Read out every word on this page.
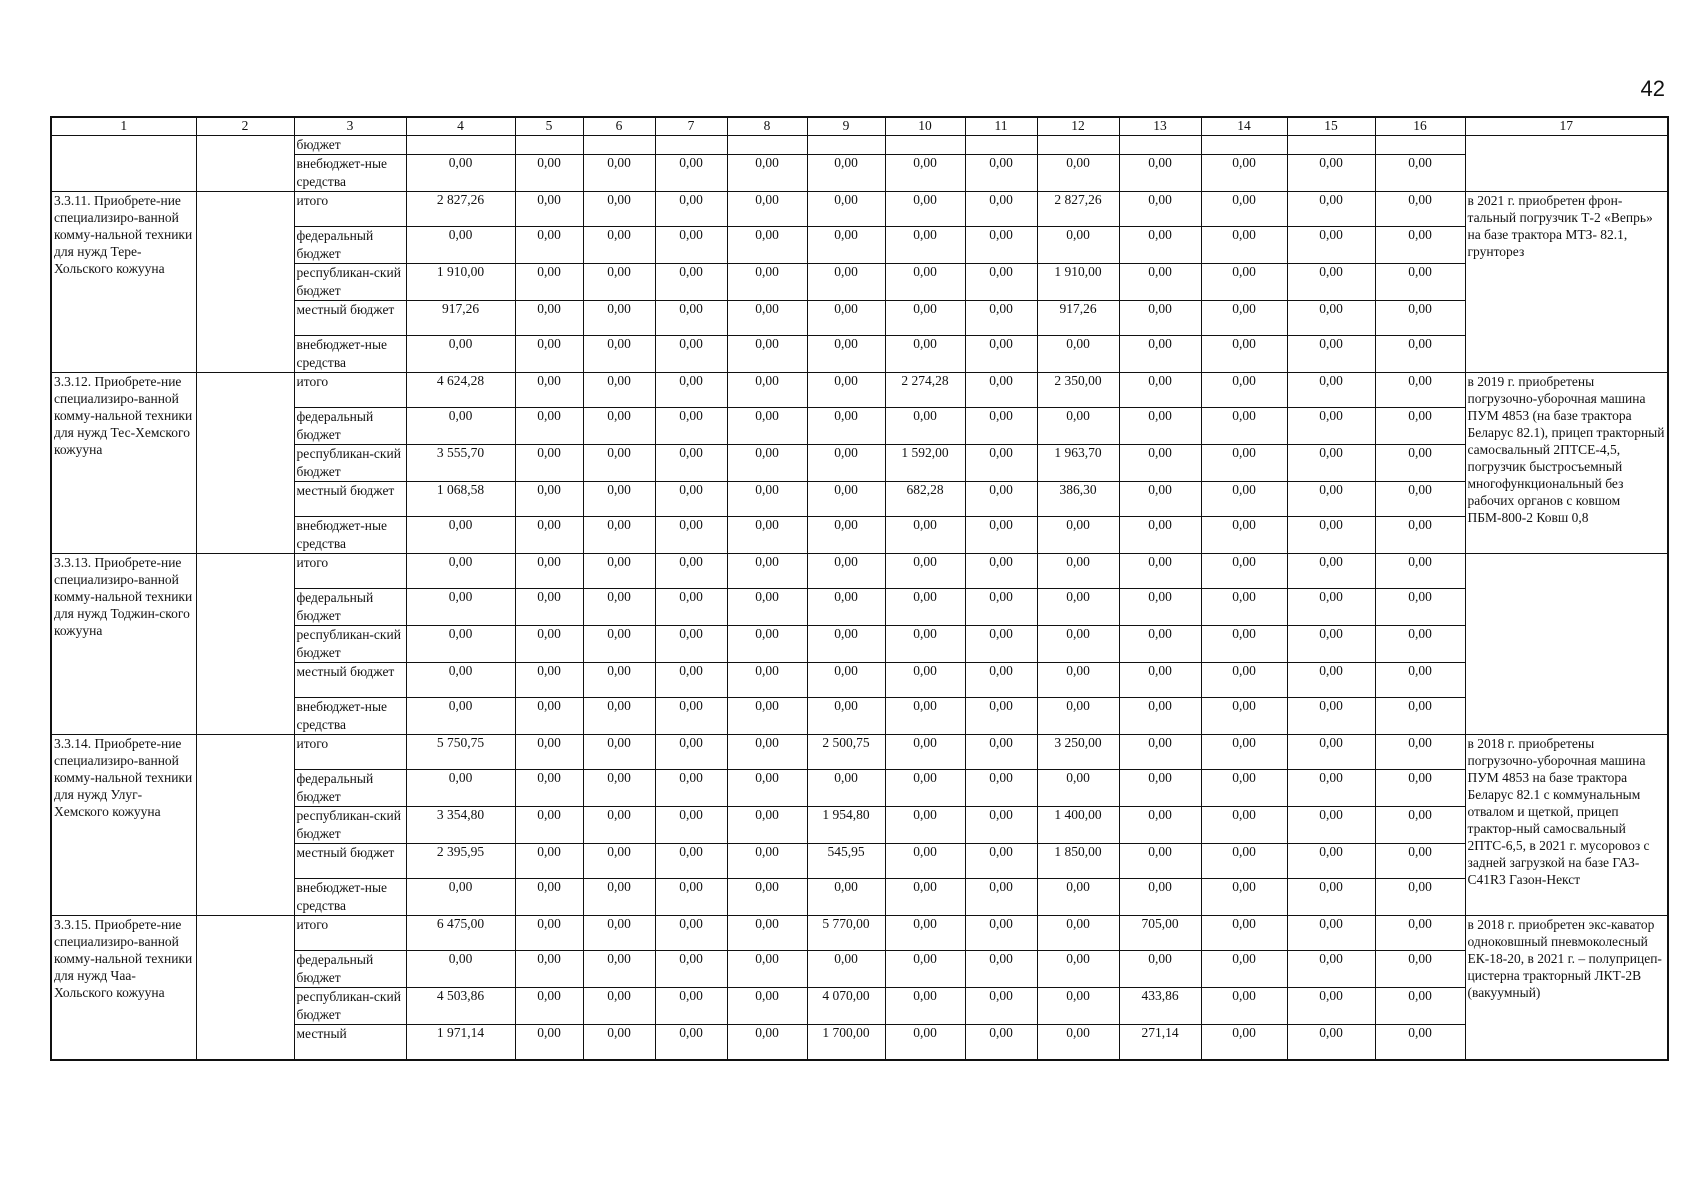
42
1	2	3	4	5	6	7	8	9	10	11	12	13	14	15	16	17
		бюджет														
		внебюджет-ные средства	0,00	0,00	0,00	0,00	0,00	0,00	0,00	0,00	0,00	0,00	0,00	0,00	0,00	
3.3.11. Приобрете-ние специализиро-ванной комму-нальной техники для нужд Тере-Хольского кожууна		итого	2 827,26	0,00	0,00	0,00	0,00	0,00	0,00	0,00	2 827,26	0,00	0,00	0,00	0,00	в 2021 г. приобретен фрон-тальный погрузчик Т-2 «Вепрь» на базе трактора МТЗ- 82.1, грунторез
		федеральный бюджет	0,00	0,00	0,00	0,00	0,00	0,00	0,00	0,00	0,00	0,00	0,00	0,00	0,00	
		республикан-ский бюджет	1 910,00	0,00	0,00	0,00	0,00	0,00	0,00	0,00	1 910,00	0,00	0,00	0,00	0,00	
		местный бюджет	917,26	0,00	0,00	0,00	0,00	0,00	0,00	0,00	917,26	0,00	0,00	0,00	0,00	
		внебюджет-ные средства	0,00	0,00	0,00	0,00	0,00	0,00	0,00	0,00	0,00	0,00	0,00	0,00	0,00	
3.3.12. Приобрете-ние специализиро-ванной комму-нальной техники для нужд Тес-Хемского кожууна		итого	4 624,28	0,00	0,00	0,00	0,00	0,00	2 274,28	0,00	2 350,00	0,00	0,00	0,00	0,00	в 2019 г. приобретены погрузочно-уборочная машина ПУМ 4853 (на базе трактора Беларус 82.1), прицеп тракторный самосвальный 2ПТСЕ-4,5, погрузчик быстросъемный многофункциональный без рабочих органов с ковшом ПБМ-800-2 Ковш 0,8
		федеральный бюджет	0,00	0,00	0,00	0,00	0,00	0,00	0,00	0,00	0,00	0,00	0,00	0,00	0,00	
		республикан-ский бюджет	3 555,70	0,00	0,00	0,00	0,00	0,00	1 592,00	0,00	1 963,70	0,00	0,00	0,00	0,00	
		местный бюджет	1 068,58	0,00	0,00	0,00	0,00	0,00	682,28	0,00	386,30	0,00	0,00	0,00	0,00	
		внебюджет-ные средства	0,00	0,00	0,00	0,00	0,00	0,00	0,00	0,00	0,00	0,00	0,00	0,00	0,00	
3.3.13. Приобрете-ние специализиро-ванной комму-нальной техники для нужд Тоджин-ского кожууна		итого	0,00	0,00	0,00	0,00	0,00	0,00	0,00	0,00	0,00	0,00	0,00	0,00	0,00	
		федеральный бюджет	0,00	0,00	0,00	0,00	0,00	0,00	0,00	0,00	0,00	0,00	0,00	0,00	0,00	
		республикан-ский бюджет	0,00	0,00	0,00	0,00	0,00	0,00	0,00	0,00	0,00	0,00	0,00	0,00	0,00	
		местный бюджет	0,00	0,00	0,00	0,00	0,00	0,00	0,00	0,00	0,00	0,00	0,00	0,00	0,00	
		внебюджет-ные средства	0,00	0,00	0,00	0,00	0,00	0,00	0,00	0,00	0,00	0,00	0,00	0,00	0,00	
3.3.14. Приобрете-ние специализиро-ванной комму-нальной техники для нужд Улуг-Хемского кожууна		итого	5 750,75	0,00	0,00	0,00	0,00	2 500,75	0,00	0,00	3 250,00	0,00	0,00	0,00	0,00	в 2018 г. приобретены погрузочно-уборочная машина ПУМ 4853 на базе трактора Беларус 82.1 с коммунальным отвалом и щеткой, прицеп трактор-ный самосвальный 2ПТС-6,5, в 2021 г. мусоровоз с задней загрузкой на базе ГАЗ-С41R3 Газон-Некст
		федеральный бюджет	0,00	0,00	0,00	0,00	0,00	0,00	0,00	0,00	0,00	0,00	0,00	0,00	0,00	
		республикан-ский бюджет	3 354,80	0,00	0,00	0,00	0,00	1 954,80	0,00	0,00	1 400,00	0,00	0,00	0,00	0,00	
		местный бюджет	2 395,95	0,00	0,00	0,00	0,00	545,95	0,00	0,00	1 850,00	0,00	0,00	0,00	0,00	
		внебюджет-ные средства	0,00	0,00	0,00	0,00	0,00	0,00	0,00	0,00	0,00	0,00	0,00	0,00	0,00	
3.3.15. Приобрете-ние специализиро-ванной комму-нальной техники для нужд Чаа-Хольского кожууна		итого	6 475,00	0,00	0,00	0,00	0,00	5 770,00	0,00	0,00	0,00	705,00	0,00	0,00	0,00	в 2018 г. приобретен экс-каватор одноковшный пневмоколесный ЕК-18-20, в 2021 г. – полуприцеп-цистерна тракторный ЛКТ-2В (вакуумный)
		федеральный бюджет	0,00	0,00	0,00	0,00	0,00	0,00	0,00	0,00	0,00	0,00	0,00	0,00	0,00	
		республикан-ский бюджет	4 503,86	0,00	0,00	0,00	0,00	4 070,00	0,00	0,00	0,00	433,86	0,00	0,00	0,00	
		местный	1 971,14	0,00	0,00	0,00	0,00	1 700,00	0,00	0,00	0,00	271,14	0,00	0,00	0,00	
